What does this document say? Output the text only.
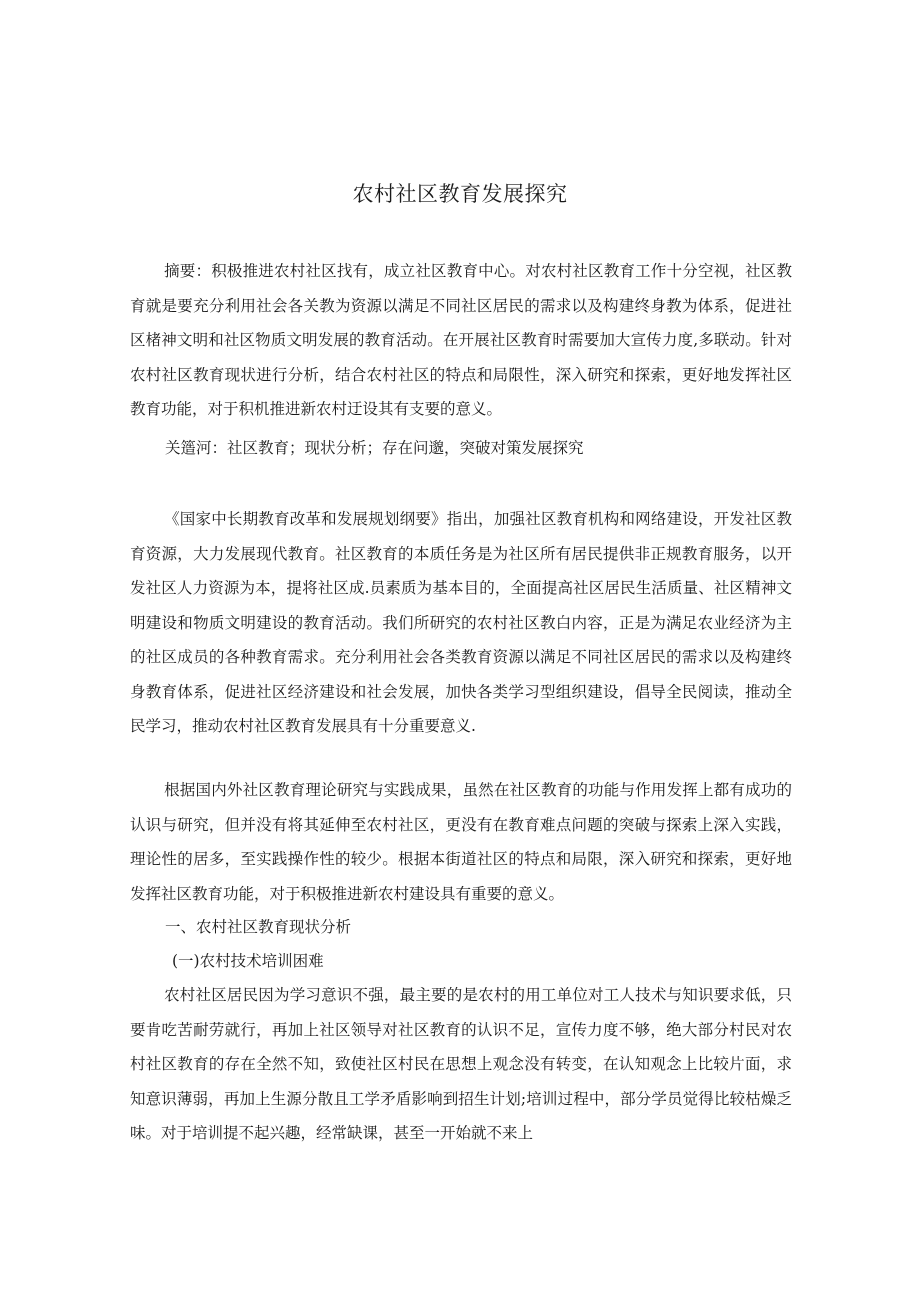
农村社区教育发展探究

摘要：积极推进农村社区找有，成立社区教育中心。对农村社区教育工作十分空视，社区教育就是要充分利用社会各关教为资源以满足不同社区居民的需求以及构建终身教为体系，促进社区楮神文明和社区物质文明发展的教育活动。在开展社区教育时需要加大宣传力度,多联动。针对农村社区教育现状进行分析，结合农村社区的特点和局限性，深入研究和探索，更好地发挥社区教育功能，对于积机推进新农村迂设其有支要的意义。

关簉河：社区教育；现状分析；存在问邈，突破对策发展探究

《国家中长期教育改革和发展规划纲要》指出，加强社区教育机构和网络建设，开发社区教育资源，大力发展现代教育。社区教育的本质任务是为社区所有居民提供非正规教育服务，以开发社区人力资源为本，提将社区成.员素质为基本目的，全面提高社区居民生活质量、社区精神文明建设和物质文明建设的教育活动。我们所研究的农村社区教白内容，正是为满足农业经济为主的社区成员的各种教育需求。充分利用社会各类教育资源以满足不同社区居民的需求以及构建终身教育体系，促进社区经济建设和社会发展，加快各类学习型组织建设，倡导全民阅读，推动全民学习，推动农村社区教育发展具有十分重要意义.

根据国内外社区教育理论研究与实践成果，虽然在社区教育的功能与作用发挥上都有成功的认识与研究，但并没有将其延伸至农村社区，更没有在教育难点问题的突破与探索上深入实践，理论性的居多，至实践操作性的较少。根据本街道社区的特点和局限，深入研究和探索，更好地发挥社区教育功能，对于积极推进新农村建设具有重要的意义。

一、农村社区教育现状分析

(一)农村技术培训困难

农村社区居民因为学习意识不强，最主要的是农村的用工单位对工人技术与知识要求低，只要肯吃苦耐劳就行，再加上社区领导对社区教育的认识不足，宣传力度不够，绝大部分村民对农村社区教育的存在全然不知，致使社区村民在思想上观念没有转变，在认知观念上比较片面，求知意识薄弱，再加上生源分散且工学矛盾影响到招生计划;培训过程中，部分学员觉得比较枯燥乏味。对于培训提不起兴趣，经常缺课，甚至一开始就不来上
